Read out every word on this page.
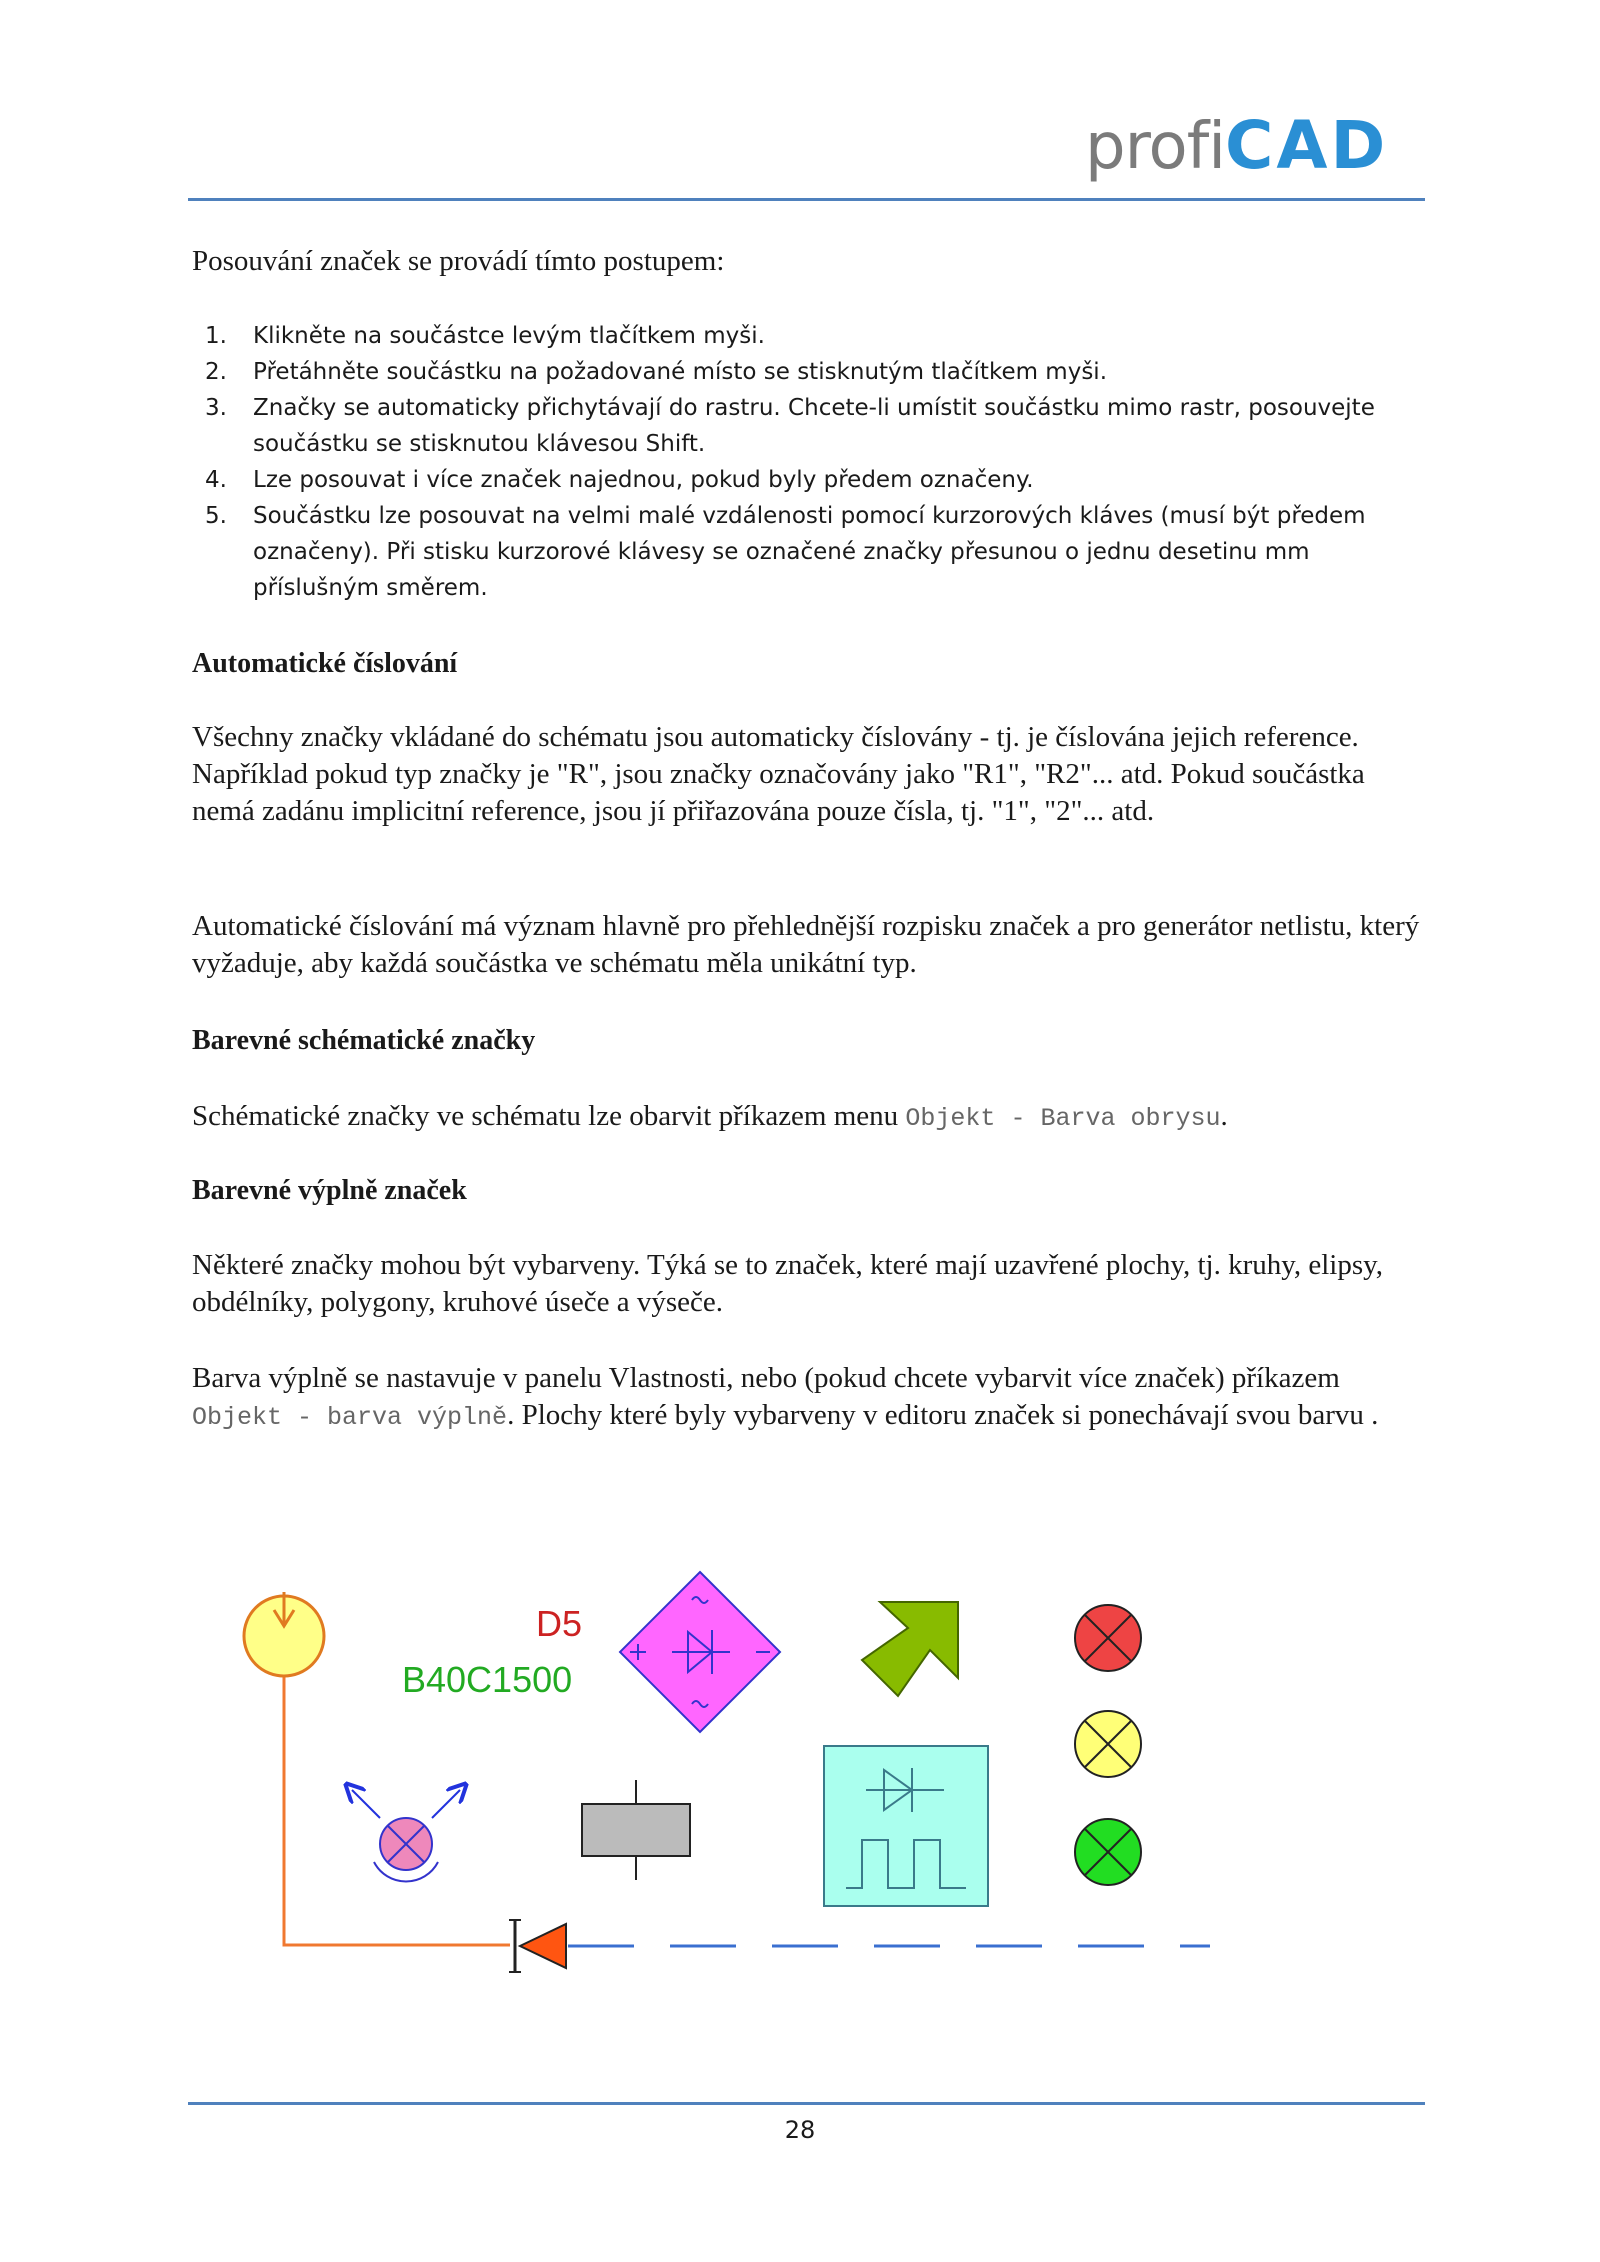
profi CAD
Posouvání značek se provádí tímto postupem:
1. Klikněte na součástce levým tlačítkem myši.
2. Přetáhněte součástku na požadované místo se stisknutým tlačítkem myši.
3. Značky se automaticky přichytávají do rastru. Chcete-li umístit součástku mimo rastr, posouvejte součástku se stisknutou klávesou Shift.
4. Lze posouvat i více značek najednou, pokud byly předem označeny.
5. Součástku lze posouvat na velmi malé vzdálenosti pomocí kurzorových kláves (musí být předem označeny). Při stisku kurzorové klávesy se označené značky přesunou o jednu desetinu mm příslušným směrem.
Automatické číslování
Všechny značky vkládané do schématu jsou automaticky číslovány - tj. je číslována jejich reference. Například pokud typ značky je "R", jsou značky označovány jako "R1", "R2"... atd. Pokud součástka nemá zadánu implicitní reference, jsou jí přiřazována pouze čísla, tj. "1", "2"... atd.
Automatické číslování má význam hlavně pro přehlednější rozpisku značek a pro generátor netlistu, který vyžaduje, aby každá součástka ve schématu měla unikátní typ.
Barevné schématické značky
Schématické značky ve schématu lze obarvit příkazem menu Objekt - Barva obrysu.
Barevné výplně značek
Některé značky mohou být vybarveny. Týká se to značek, které mají uzavřené plochy, tj. kruhy, elipsy, obdélníky, polygony, kruhové úseče a výseče.
Barva výplně se nastavuje v panelu Vlastnosti, nebo (pokud chcete vybarvit více značek) příkazem Objekt - barva výplně. Plochy které byly vybarveny v editoru značek si ponechávají svou barvu .
D5
B40C1500
28
